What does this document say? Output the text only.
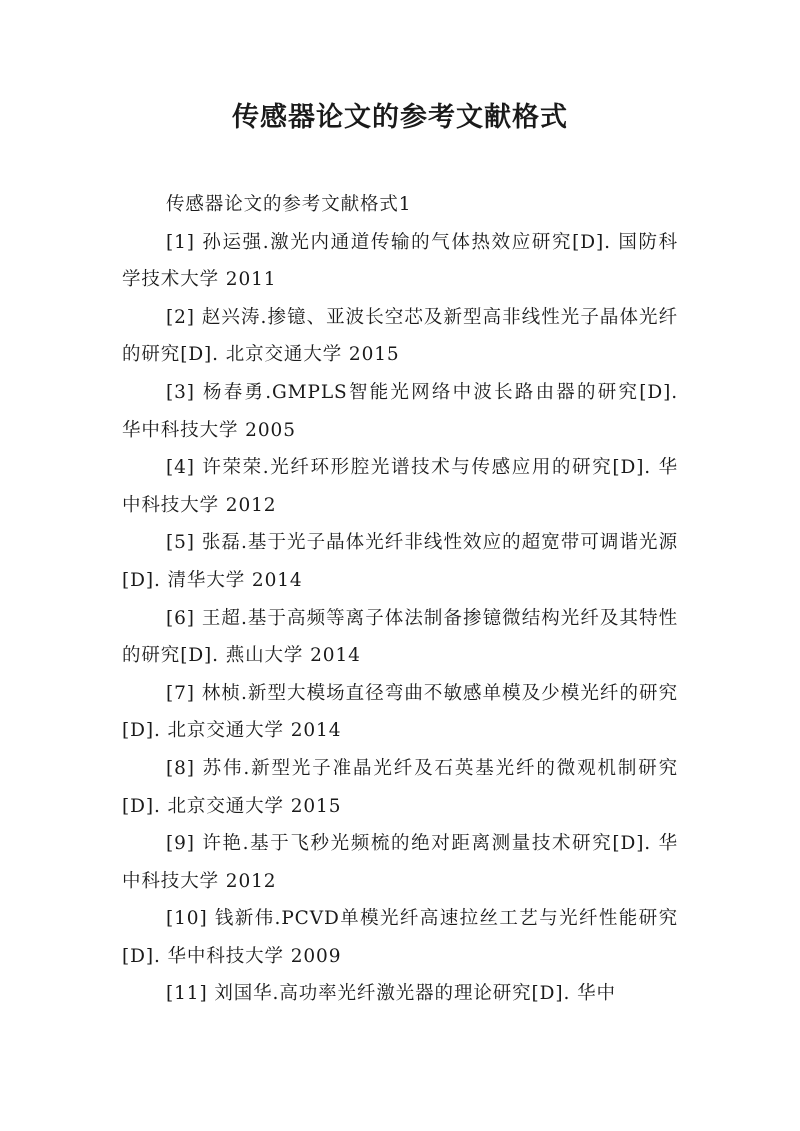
传感器论文的参考文献格式

传感器论文的参考文献格式1

[1] 孙运强.激光内通道传输的气体热效应研究[D]. 国防科学技术大学 2011

[2] 赵兴涛.掺镱、亚波长空芯及新型高非线性光子晶体光纤的研究[D]. 北京交通大学 2015

[3] 杨春勇.GMPLS智能光网络中波长路由器的研究[D]. 华中科技大学 2005

[4] 许荣荣.光纤环形腔光谱技术与传感应用的研究[D]. 华中科技大学 2012

[5] 张磊.基于光子晶体光纤非线性效应的超宽带可调谐光源[D]. 清华大学 2014

[6] 王超.基于高频等离子体法制备掺镱微结构光纤及其特性的研究[D]. 燕山大学 2014

[7] 林桢.新型大模场直径弯曲不敏感单模及少模光纤的研究[D]. 北京交通大学 2014

[8] 苏伟.新型光子准晶光纤及石英基光纤的微观机制研究[D]. 北京交通大学 2015

[9] 许艳.基于飞秒光频梳的绝对距离测量技术研究[D]. 华中科技大学 2012

[10] 钱新伟.PCVD单模光纤高速拉丝工艺与光纤性能研究[D]. 华中科技大学 2009

[11] 刘国华.高功率光纤激光器的理论研究[D]. 华中
